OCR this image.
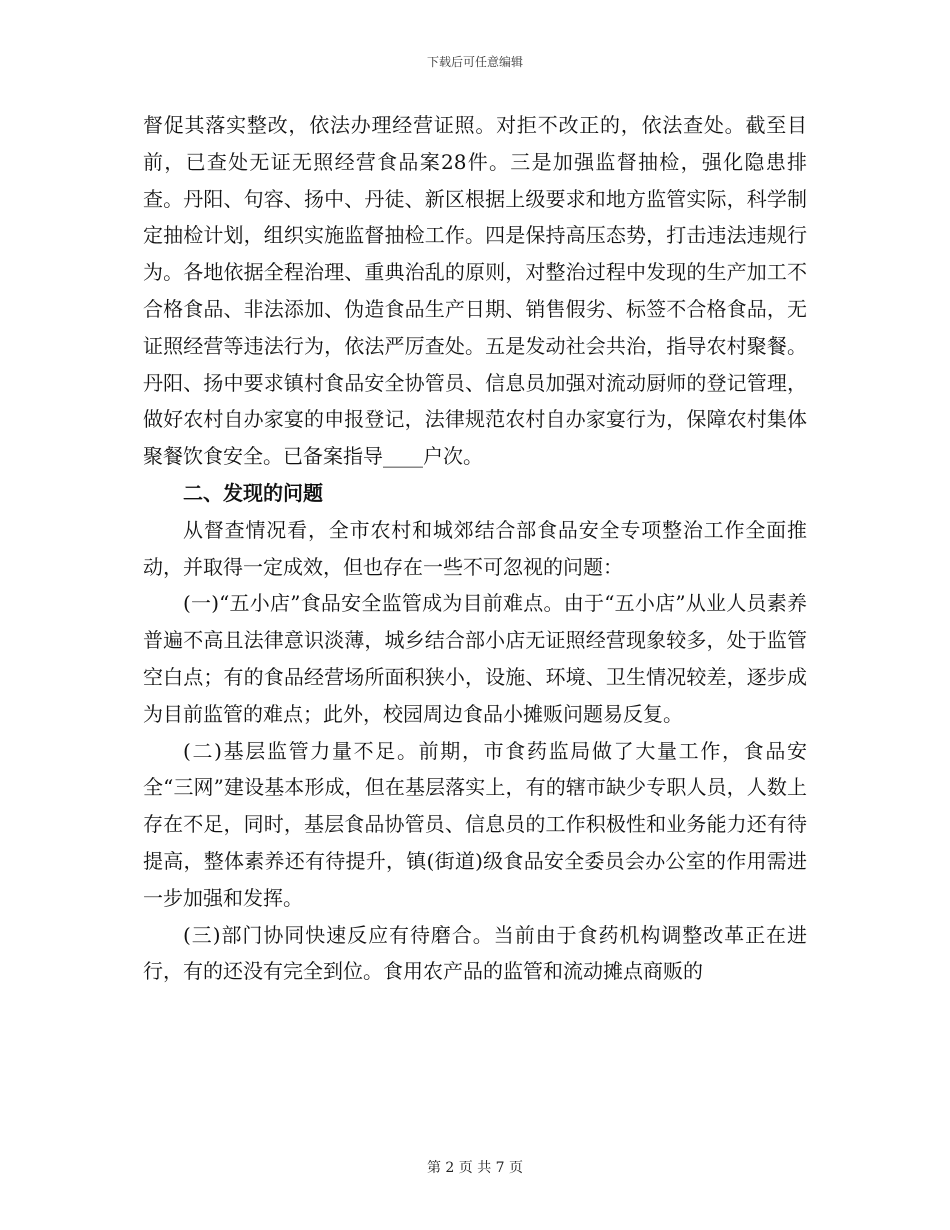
下载后可任意编辑

督促其落实整改，依法办理经营证照。对拒不改正的，依法查处。截至目前，已查处无证无照经营食品案28件。三是加强监督抽检，强化隐患排查。丹阳、句容、扬中、丹徒、新区根据上级要求和地方监管实际，科学制定抽检计划，组织实施监督抽检工作。四是保持高压态势，打击违法违规行为。各地依据全程治理、重典治乱的原则，对整治过程中发现的生产加工不合格食品、非法添加、伪造食品生产日期、销售假劣、标签不合格食品，无证照经营等违法行为，依法严厉查处。五是发动社会共治，指导农村聚餐。丹阳、扬中要求镇村食品安全协管员、信息员加强对流动厨师的登记管理，做好农村自办家宴的申报登记，法律规范农村自办家宴行为，保障农村集体聚餐饮食安全。已备案指导____户次。

二、发现的问题

从督查情况看，全市农村和城郊结合部食品安全专项整治工作全面推动，并取得一定成效，但也存在一些不可忽视的问题：

(一)“五小店”食品安全监管成为目前难点。由于“五小店”从业人员素养普遍不高且法律意识淡薄，城乡结合部小店无证照经营现象较多，处于监管空白点；有的食品经营场所面积狭小，设施、环境、卫生情况较差，逐步成为目前监管的难点；此外，校园周边食品小摊贩问题易反复。

(二)基层监管力量不足。前期，市食药监局做了大量工作，食品安全“三网”建设基本形成，但在基层落实上，有的辖市缺少专职人员，人数上存在不足，同时，基层食品协管员、信息员的工作积极性和业务能力还有待提高，整体素养还有待提升，镇(街道)级食品安全委员会办公室的作用需进一步加强和发挥。

(三)部门协同快速反应有待磨合。当前由于食药机构调整改革正在进行，有的还没有完全到位。食用农产品的监管和流动摊点商贩的

第 2 页 共 7 页
